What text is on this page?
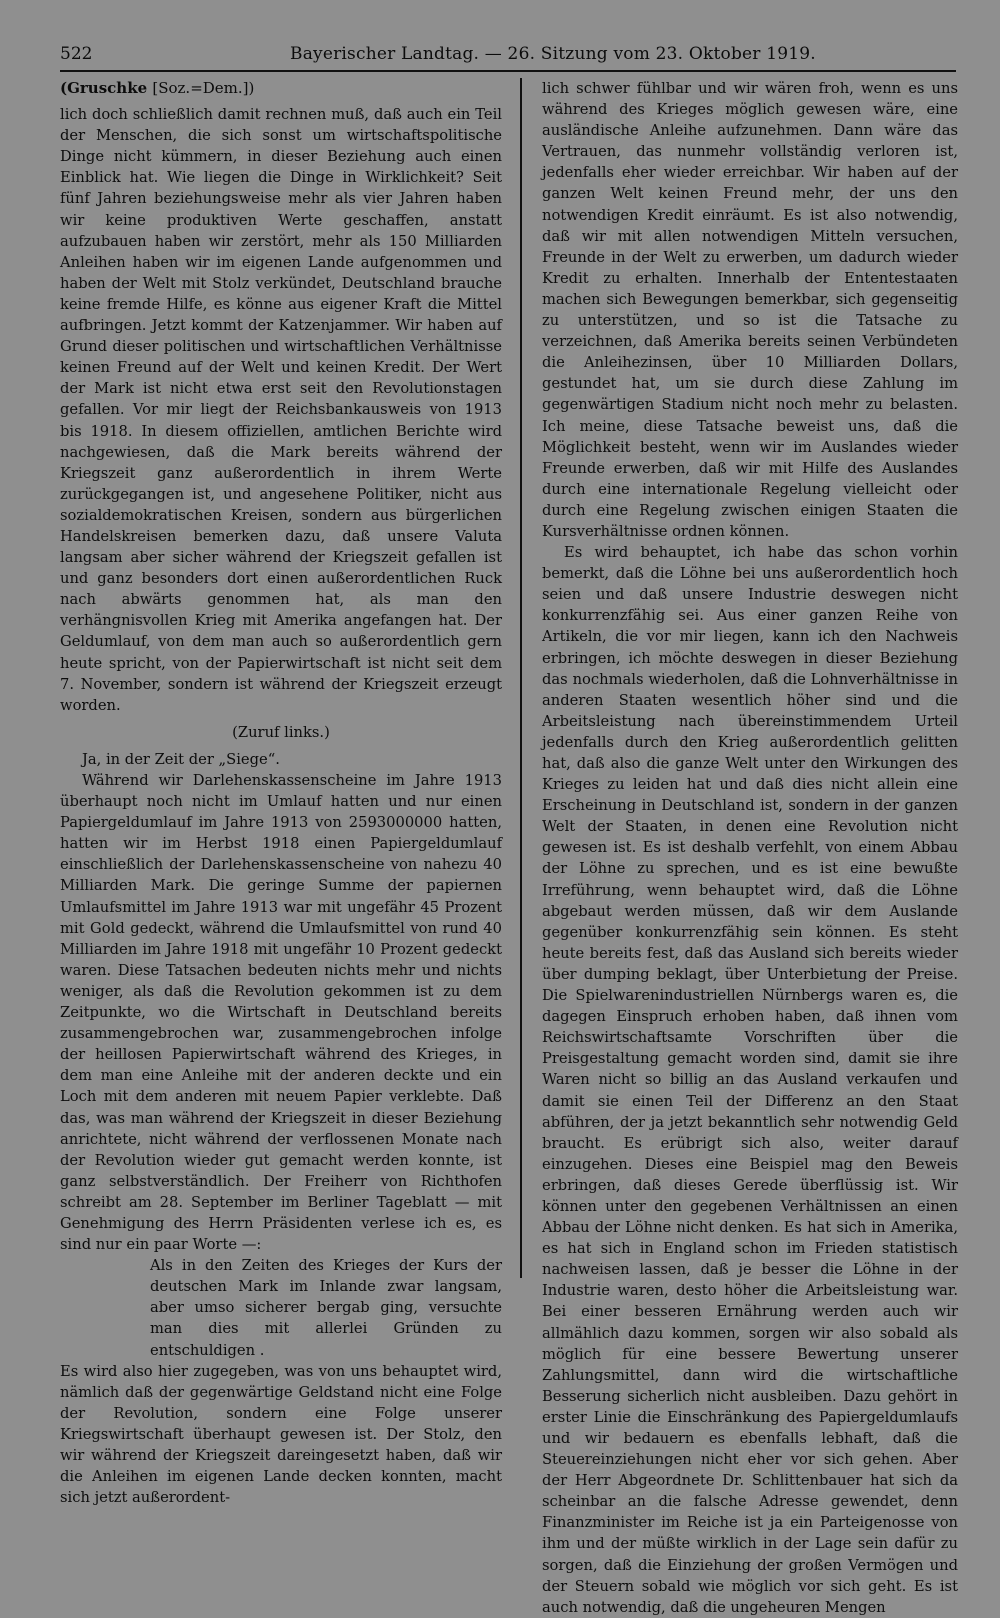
522	Bayerischer Landtag. — 26. Sitzung vom 23. Oktober 1919.

(Gruschke [Soz.=Dem.])

lich doch schließlich damit rechnen muß, daß auch ein Teil der Menschen, die sich sonst um wirtschaftspolitische Dinge nicht kümmern, in dieser Beziehung auch einen Einblick hat. Wie liegen die Dinge in Wirklichkeit? Seit fünf Jahren beziehungsweise mehr als vier Jahren haben wir keine produktiven Werte geschaffen, anstatt aufzubauen haben wir zerstört, mehr als 150 Milliarden Anleihen haben wir im eigenen Lande aufgenommen und haben der Welt mit Stolz verkündet, Deutschland brauche keine fremde Hilfe, es könne aus eigener Kraft die Mittel aufbringen. Jetzt kommt der Katzenjammer. Wir haben auf Grund dieser politischen und wirtschaftlichen Verhältnisse keinen Freund auf der Welt und keinen Kredit. Der Wert der Mark ist nicht etwa erst seit den Revolutionstagen gefallen. Vor mir liegt der Reichsbankausweis von 1913 bis 1918. In diesem offiziellen, amtlichen Berichte wird nachgewiesen, daß die Mark bereits während der Kriegszeit ganz außerordentlich in ihrem Werte zurückgegangen ist, und angesehene Politiker, nicht aus sozialdemokratischen Kreisen, sondern aus bürgerlichen Handelskreisen bemerken dazu, daß unsere Valuta langsam aber sicher während der Kriegszeit gefallen ist und ganz besonders dort einen außerordentlichen Ruck nach abwärts genommen hat, als man den verhängnisvollen Krieg mit Amerika angefangen hat. Der Geldumlauf, von dem man auch so außerordentlich gern heute spricht, von der Papierwirtschaft ist nicht seit dem 7. November, sondern ist während der Kriegszeit erzeugt worden.

(Zuruf links.)

Ja, in der Zeit der „Siege“.

Während wir Darlehenskassenscheine im Jahre 1913 überhaupt noch nicht im Umlauf hatten und nur einen Papiergeldumlauf im Jahre 1913 von 2593000000 hatten, hatten wir im Herbst 1918 einen Papiergeldumlauf einschließlich der Darlehenskassenscheine von nahezu 40 Milliarden Mark. Die geringe Summe der papiernen Umlaufsmittel im Jahre 1913 war mit ungefähr 45 Prozent mit Gold gedeckt, während die Umlaufsmittel von rund 40 Milliarden im Jahre 1918 mit ungefähr 10 Prozent gedeckt waren. Diese Tatsachen bedeuten nichts mehr und nichts weniger, als daß die Revolution gekommen ist zu dem Zeitpunkte, wo die Wirtschaft in Deutschland bereits zusammengebrochen war, zusammengebrochen infolge der heillosen Papierwirtschaft während des Krieges, in dem man eine Anleihe mit der anderen deckte und ein Loch mit dem anderen mit neuem Papier verklebte. Daß das, was man während der Kriegszeit in dieser Beziehung anrichtete, nicht während der verflossenen Monate nach der Revolution wieder gut gemacht werden konnte, ist ganz selbstverständlich. Der Freiherr von Richthofen schreibt am 28. September im Berliner Tageblatt — mit Genehmigung des Herrn Präsidenten verlese ich es, es sind nur ein paar Worte —:

Als in den Zeiten des Krieges der Kurs der deutschen Mark im Inlande zwar langsam, aber umso sicherer bergab ging, versuchte man dies mit allerlei Gründen zu entschuldigen .

Es wird also hier zugegeben, was von uns behauptet wird, nämlich daß der gegenwärtige Geldstand nicht eine Folge der Revolution, sondern eine Folge unserer Kriegswirtschaft überhaupt gewesen ist. Der Stolz, den wir während der Kriegszeit dareingesetzt haben, daß wir die Anleihen im eigenen Lande decken konnten, macht sich jetzt außerordent-

lich schwer fühlbar und wir wären froh, wenn es uns während des Krieges möglich gewesen wäre, eine ausländische Anleihe aufzunehmen. Dann wäre das Vertrauen, das nunmehr vollständig verloren ist, jedenfalls eher wieder erreichbar. Wir haben auf der ganzen Welt keinen Freund mehr, der uns den notwendigen Kredit einräumt. Es ist also notwendig, daß wir mit allen notwendigen Mitteln versuchen, Freunde in der Welt zu erwerben, um dadurch wieder Kredit zu erhalten. Innerhalb der Ententestaaten machen sich Bewegungen bemerkbar, sich gegenseitig zu unterstützen, und so ist die Tatsache zu verzeichnen, daß Amerika bereits seinen Verbündeten die Anleihezinsen, über 10 Milliarden Dollars, gestundet hat, um sie durch diese Zahlung im gegenwärtigen Stadium nicht noch mehr zu belasten. Ich meine, diese Tatsache beweist uns, daß die Möglichkeit besteht, wenn wir im Auslandes wieder Freunde erwerben, daß wir mit Hilfe des Auslandes durch eine internationale Regelung vielleicht oder durch eine Regelung zwischen einigen Staaten die Kursverhältnisse ordnen können.

Es wird behauptet, ich habe das schon vorhin bemerkt, daß die Löhne bei uns außerordentlich hoch seien und daß unsere Industrie deswegen nicht konkurrenzfähig sei. Aus einer ganzen Reihe von Artikeln, die vor mir liegen, kann ich den Nachweis erbringen, ich möchte deswegen in dieser Beziehung das nochmals wiederholen, daß die Lohnverhältnisse in anderen Staaten wesentlich höher sind und die Arbeitsleistung nach übereinstimmendem Urteil jedenfalls durch den Krieg außerordentlich gelitten hat, daß also die ganze Welt unter den Wirkungen des Krieges zu leiden hat und daß dies nicht allein eine Erscheinung in Deutschland ist, sondern in der ganzen Welt der Staaten, in denen eine Revolution nicht gewesen ist. Es ist deshalb verfehlt, von einem Abbau der Löhne zu sprechen, und es ist eine bewußte Irreführung, wenn behauptet wird, daß die Löhne abgebaut werden müssen, daß wir dem Auslande gegenüber konkurrenzfähig sein können. Es steht heute bereits fest, daß das Ausland sich bereits wieder über dumping beklagt, über Unterbietung der Preise. Die Spielwarenindustriellen Nürnbergs waren es, die dagegen Einspruch erhoben haben, daß ihnen vom Reichswirtschaftsamte Vorschriften über die Preisgestaltung gemacht worden sind, damit sie ihre Waren nicht so billig an das Ausland verkaufen und damit sie einen Teil der Differenz an den Staat abführen, der ja jetzt bekanntlich sehr notwendig Geld braucht. Es erübrigt sich also, weiter darauf einzugehen. Dieses eine Beispiel mag den Beweis erbringen, daß dieses Gerede überflüssig ist. Wir können unter den gegebenen Verhältnissen an einen Abbau der Löhne nicht denken. Es hat sich in Amerika, es hat sich in England schon im Frieden statistisch nachweisen lassen, daß je besser die Löhne in der Industrie waren, desto höher die Arbeitsleistung war. Bei einer besseren Ernährung werden auch wir allmählich dazu kommen, sorgen wir also sobald als möglich für eine bessere Bewertung unserer Zahlungsmittel, dann wird die wirtschaftliche Besserung sicherlich nicht ausbleiben. Dazu gehört in erster Linie die Einschränkung des Papiergeldumlaufs und wir bedauern es ebenfalls lebhaft, daß die Steuereinziehungen nicht eher vor sich gehen. Aber der Herr Abgeordnete Dr. Schlittenbauer hat sich da scheinbar an die falsche Adresse gewendet, denn Finanzminister im Reiche ist ja ein Parteigenosse von ihm und der müßte wirklich in der Lage sein dafür zu sorgen, daß die Einziehung der großen Vermögen und der Steuern sobald wie möglich vor sich geht. Es ist auch notwendig, daß die ungeheuren Mengen
